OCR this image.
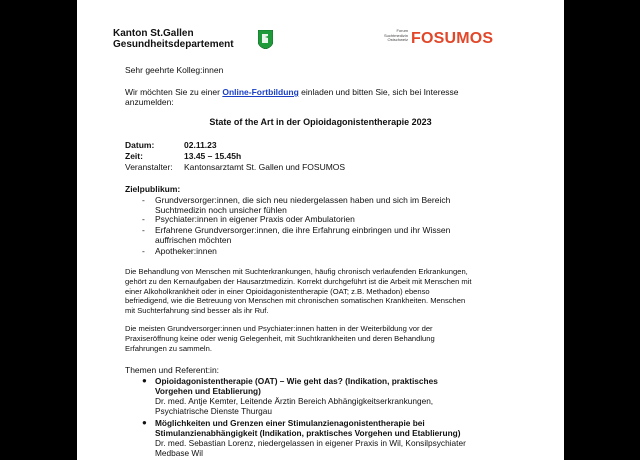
Kanton St.Gallen
Gesundheitsdepartement
Forum
Suchtmedizin
Ostschweiz FOSUMOS
Sehr geehrte Kolleg:innen
Wir möchten Sie zu einer Online-Fortbildung einladen und bitten Sie, sich bei Interesse
anzumelden:
State of the Art in der Opioidagonistentherapie 2023
Datum:	02.11.23
Zeit:	13.45 – 15.45h
Veranstalter: Kantonsarztamt St. Gallen und FOSUMOS
Zielpublikum:
- Grundversorger:innen, die sich neu niedergelassen haben und sich im Bereich
Suchtmedizin noch unsicher fühlen
- Psychiater:innen in eigener Praxis oder Ambulatorien
- Erfahrene Grundversorger:innen, die ihre Erfahrung einbringen und ihr Wissen
auffrischen möchten
- Apotheker:innen
Die Behandlung von Menschen mit Suchterkrankungen, häufig chronisch verlaufenden Erkrankungen,
gehört zu den Kernaufgaben der Hausarztmedizin. Korrekt durchgeführt ist die Arbeit mit Menschen mit
einer Alkoholkrankheit oder in einer Opioidagonistentherapie (OAT; z.B. Methadon) ebenso
befriedigend, wie die Betreuung von Menschen mit chronischen somatischen Krankheiten. Menschen
mit Suchterfahrung sind besser als ihr Ruf.
Die meisten Grundversorger:innen und Psychiater:innen hatten in der Weiterbildung vor der
Praxiseröffnung keine oder wenig Gelegenheit, mit Suchtkrankheiten und deren Behandlung
Erfahrungen zu sammeln.
Themen und Referent:in:
● Opioidagonistentherapie (OAT) – Wie geht das? (Indikation, praktisches
Vorgehen und Etablierung)
Dr. med. Antje Kemter, Leitende Ärztin Bereich Abhängigkeitserkrankungen,
Psychiatrische Dienste Thurgau
● Möglichkeiten und Grenzen einer Stimulanzienagonistentherapie bei
Stimulanzienabhängigkeit (Indikation, praktisches Vorgehen und Etablierung)
Dr. med. Sebastian Lorenz, niedergelassen in eigener Praxis in Wil, Konsilpsychiater
Medbase Wil
